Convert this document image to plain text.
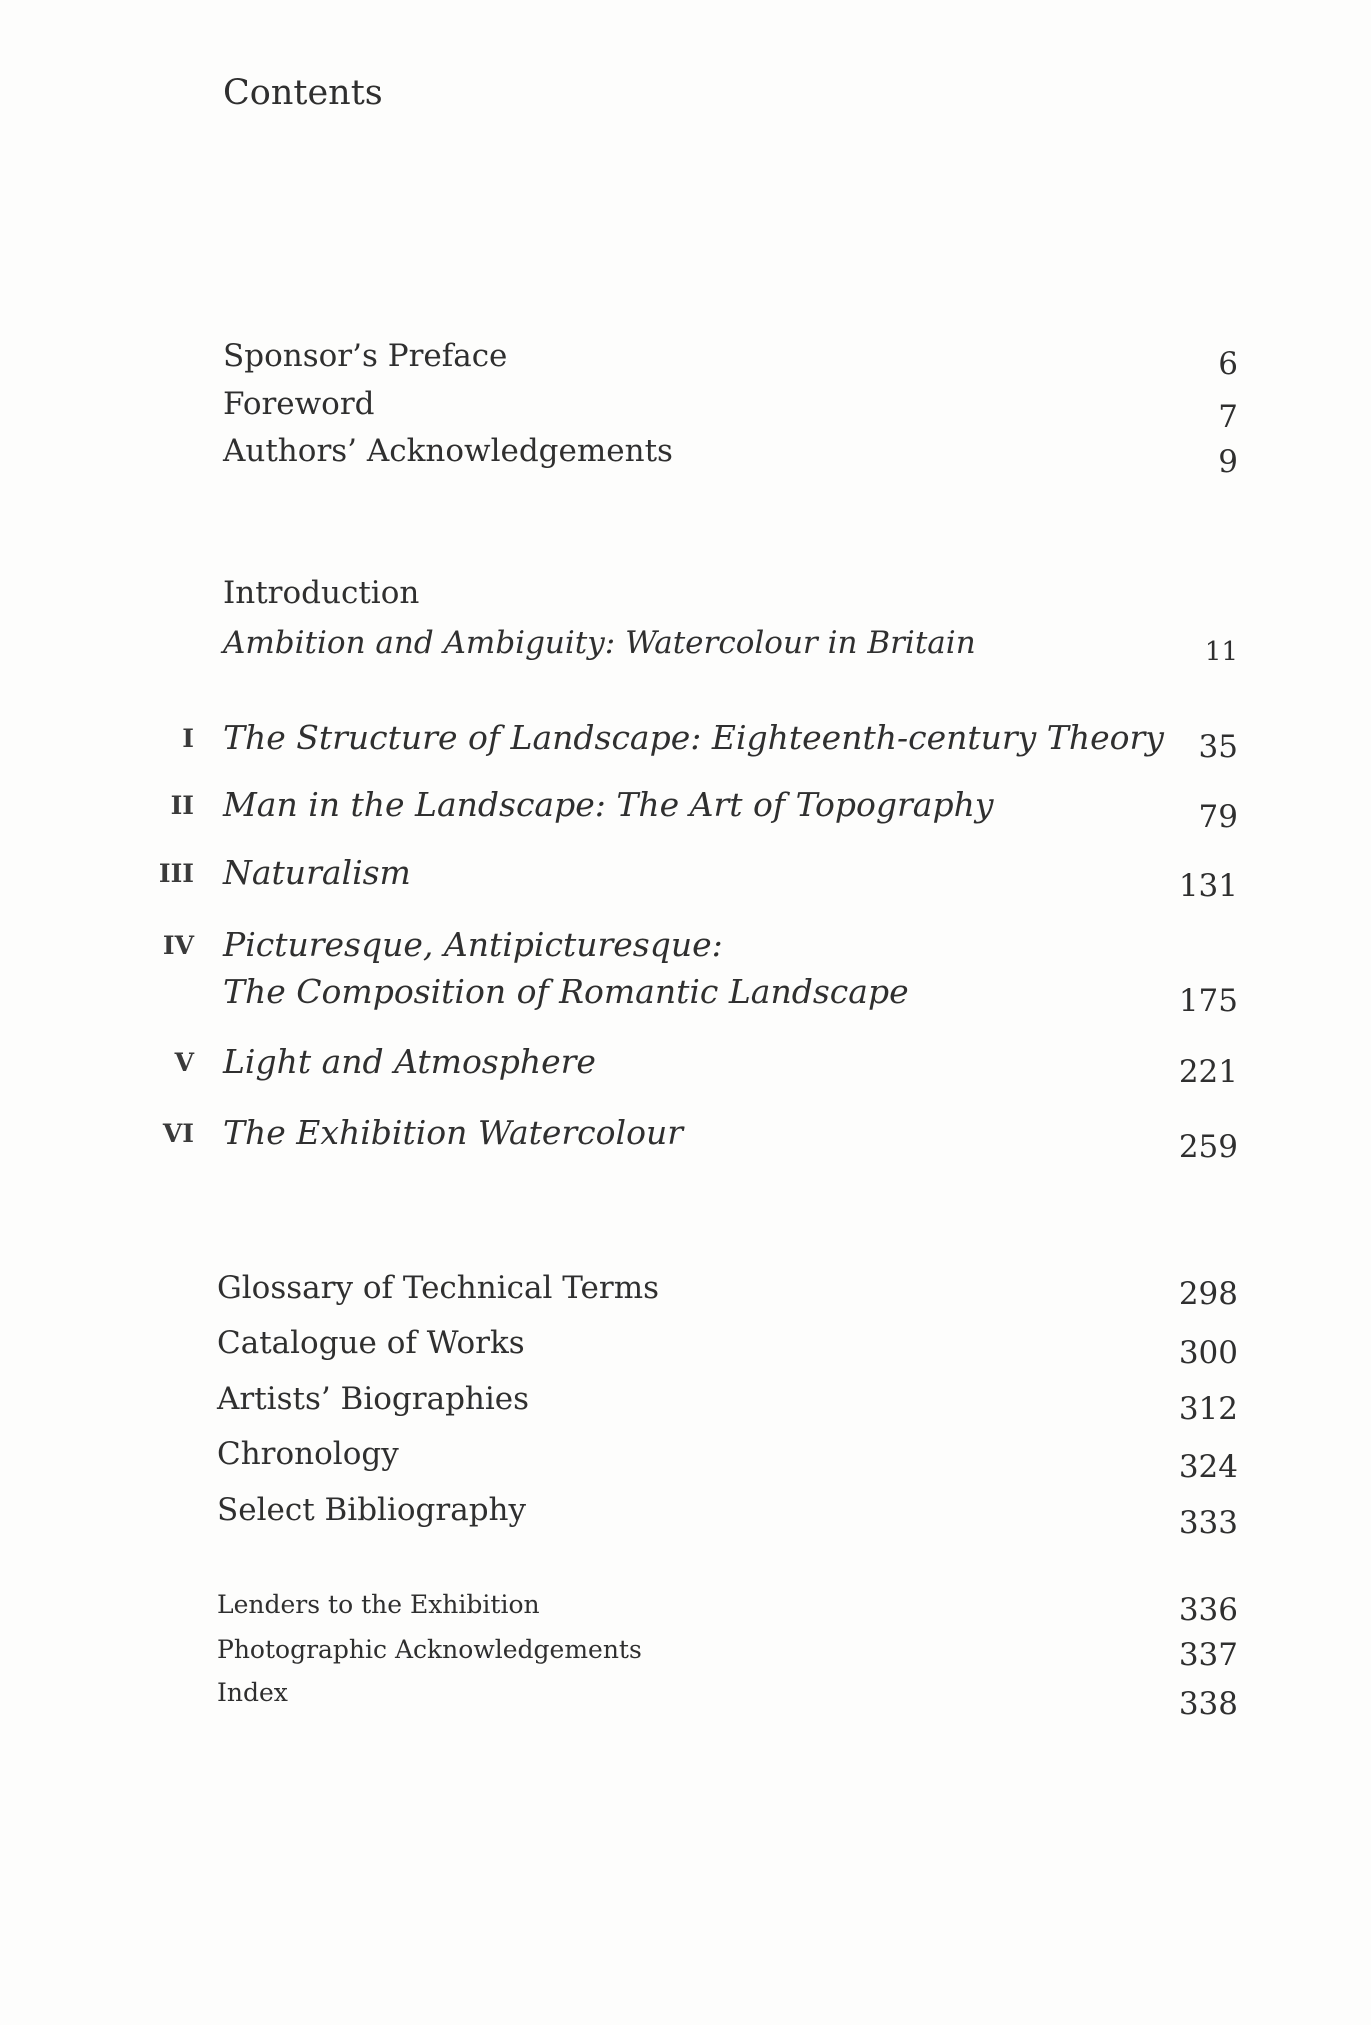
Contents
Sponsor’s Preface	6
Foreword	7
Authors’ Acknowledgements	9
Introduction
Ambition and Ambiguity: Watercolour in Britain	11
I The Structure of Landscape: Eighteenth-century Theory 35
II Man in the Landscape: The Art of Topography	79
III Naturalism	131
IV Picturesque, Antipicturesque:
The Composition of Romantic Landscape	175
V Light and Atmosphere	221
VI The Exhibition Watercolour	259
Glossary of Technical Terms	298
Catalogue of Works	300
Artists’ Biographies	312
Chronology	324
Select Bibliography	333
Lenders to the Exhibition	336
Photographic Acknowledgements	337
Index	338
